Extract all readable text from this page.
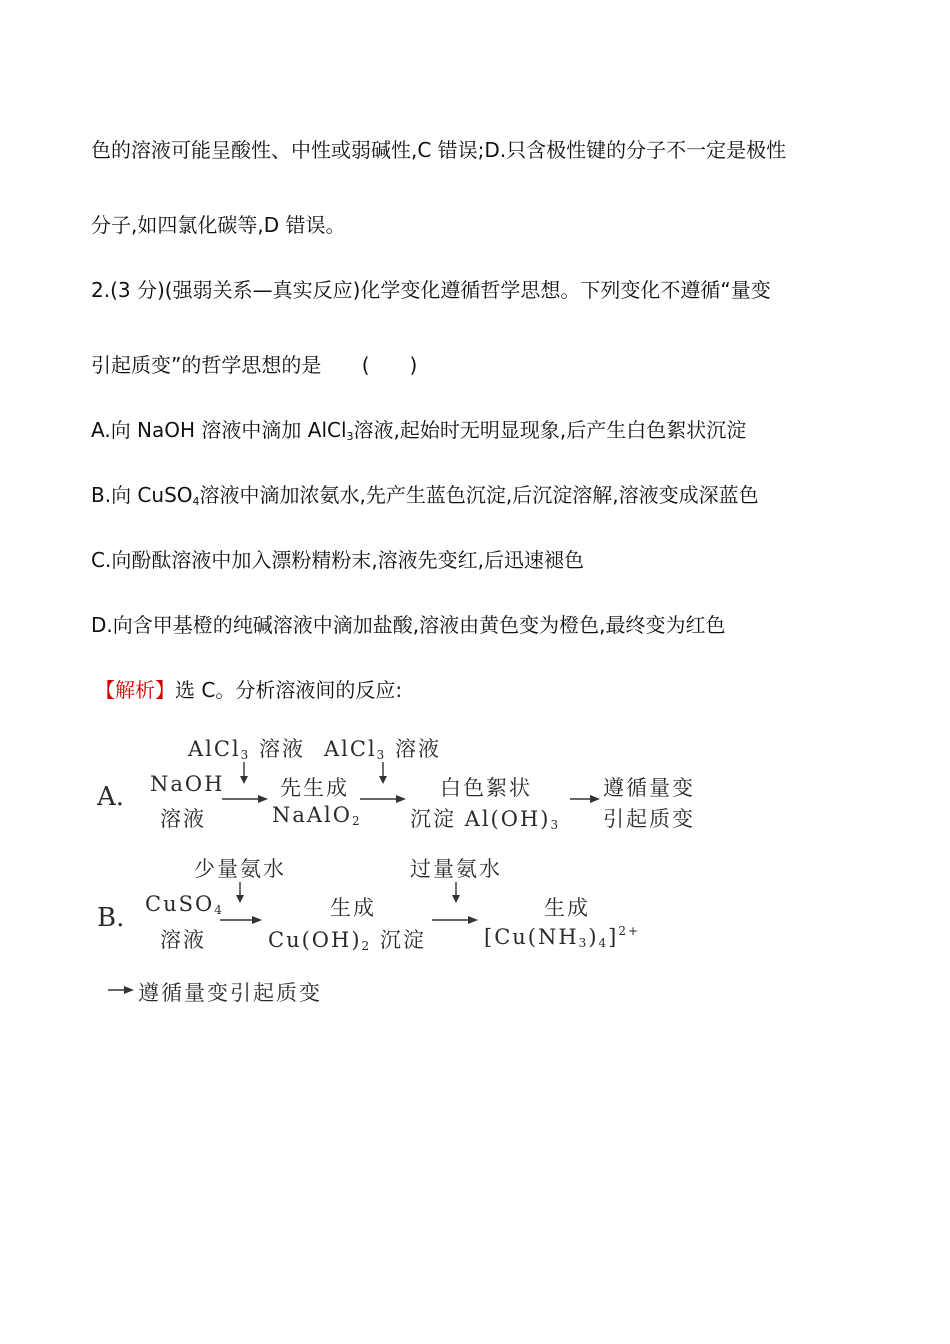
色的溶液可能呈酸性、中性或弱碱性,C 错误;D.只含极性键的分子不一定是极性
分子,如四氯化碳等,D 错误。
2.(3 分)(强弱关系—真实反应)化学变化遵循哲学思想。下列变化不遵循“量变
引起质变”的哲学思想的是 (　　)
A.向 NaOH 溶液中滴加 AlCl$_3$溶液,起始时无明显现象,后产生白色絮状沉淀
B.向 CuSO$_4$溶液中滴加浓氨水,先产生蓝色沉淀,后沉淀溶解,溶液变成深蓝色
C.向酚酞溶液中加入漂粉精粉末,溶液先变红,后迅速褪色
D.向含甲基橙的纯碱溶液中滴加盐酸,溶液由黄色变为橙色,最终变为红色
【解析】选 C。分析溶液间的反应:
A.
AlCl$_3$ 溶液 AlCl$_3$ 溶液
NaOH
溶液
先生成
NaAlO$_2$
白色絮状
沉淀 $Al(OH)_3$
遵循量变
引起质变
B.
少量氨水	过量氨水
CuSO$_4$
溶液
生成
$Cu(OH)_2$ 沉淀
生成
$[Cu(NH_3)_4]^{2+}$
遵循量变引起质变
